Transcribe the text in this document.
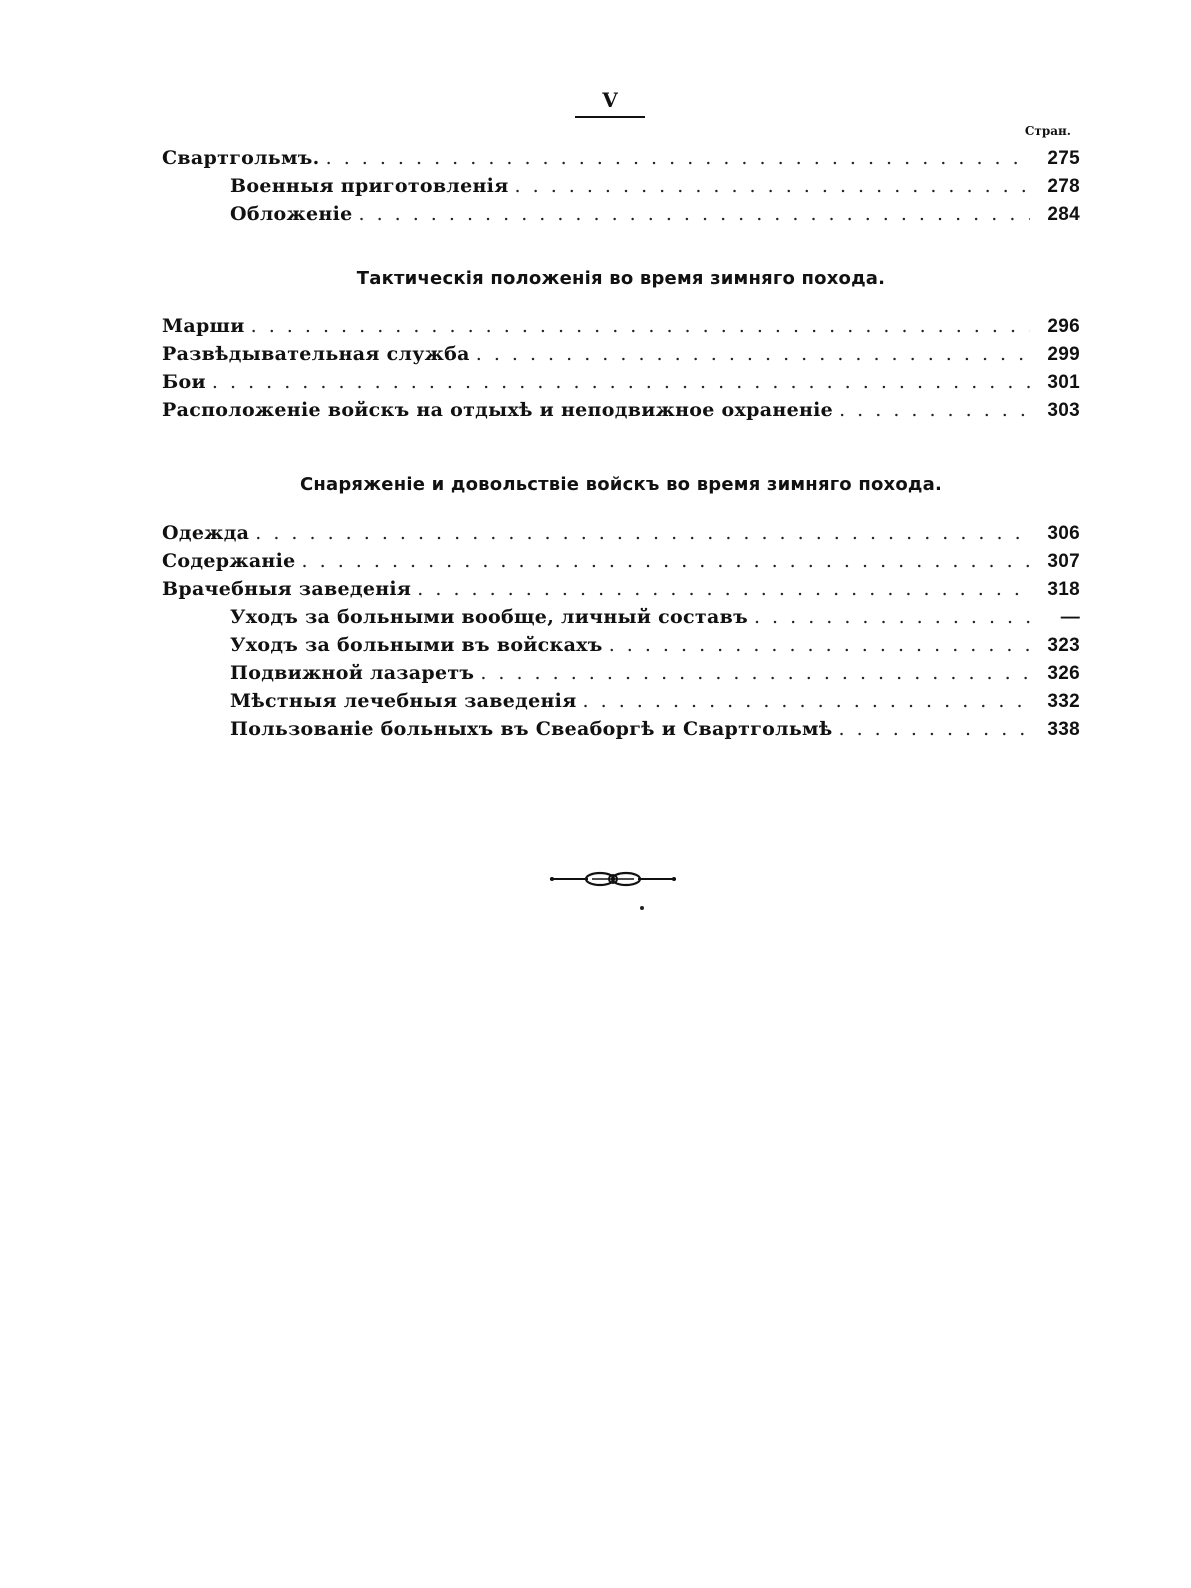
V
Стран.
Свартгольмъ. . . .	275
Военныя приготовленія . . .	278
Обложеніе . . .	284
Тактическія положенія во время зимняго похода.
Марши . . .	296
Развѣдывательная служба . . .	299
Бои . . .	301
Расположеніе войскъ на отдыхѣ и неподвижное охраненіе . . .	303
Снаряженіе и довольствіе войскъ во время зимняго похода.
Одежда . . .	306
Содержаніе . . .	307
Врачебныя заведенія . . .	318
Уходъ за больными вообще, личный составъ . . .	—
Уходъ за больными въ войскахъ . . .	323
Подвижной лазаретъ . . .	326
Мѣстныя лечебныя заведенія . . .	332
Пользованіе больныхъ въ Свеаборгѣ и Свартгольмѣ . . .	338
